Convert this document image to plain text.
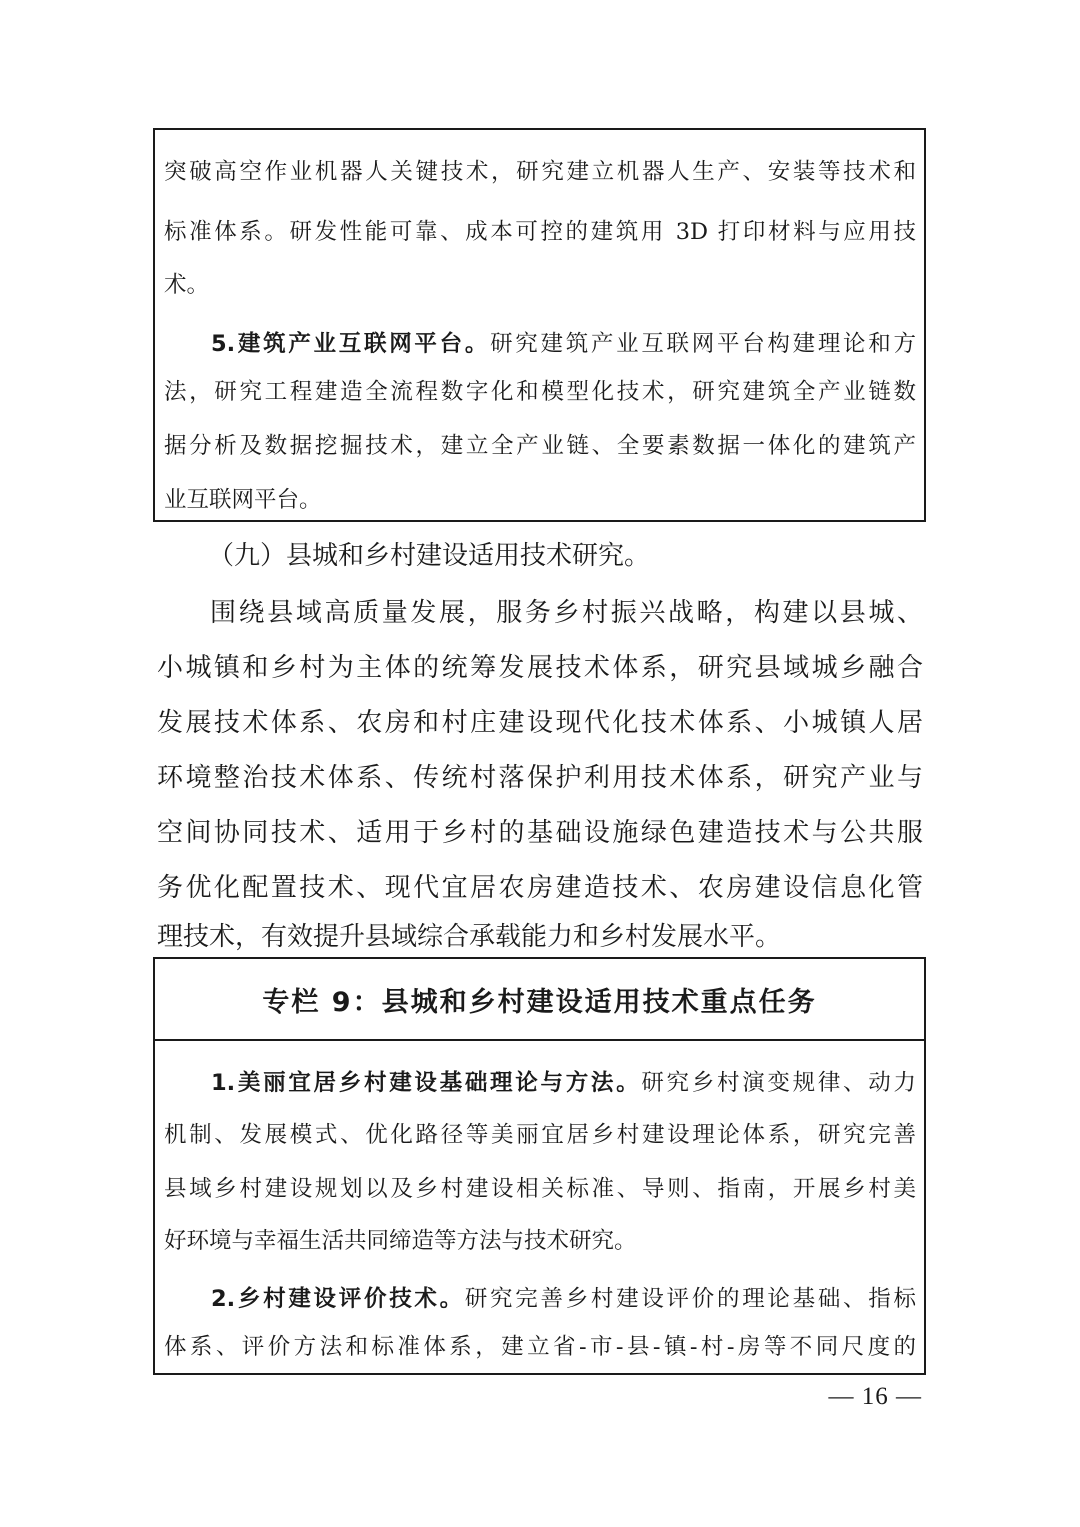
突破高空作业机器人关键技术，研究建立机器人生产、安装等技术和
标准体系。研发性能可靠、成本可控的建筑用 3D 打印材料与应用技
术。
5.建筑产业互联网平台。研究建筑产业互联网平台构建理论和方
法，研究工程建造全流程数字化和模型化技术，研究建筑全产业链数
据分析及数据挖掘技术，建立全产业链、全要素数据一体化的建筑产
业互联网平台。
（九）县城和乡村建设适用技术研究。
围绕县域高质量发展，服务乡村振兴战略，构建以县城、
小城镇和乡村为主体的统筹发展技术体系，研究县域城乡融合
发展技术体系、农房和村庄建设现代化技术体系、小城镇人居
环境整治技术体系、传统村落保护利用技术体系，研究产业与
空间协同技术、适用于乡村的基础设施绿色建造技术与公共服
务优化配置技术、现代宜居农房建造技术、农房建设信息化管
理技术，有效提升县域综合承载能力和乡村发展水平。
专栏 9：县城和乡村建设适用技术重点任务
1.美丽宜居乡村建设基础理论与方法。研究乡村演变规律、动力
机制、发展模式、优化路径等美丽宜居乡村建设理论体系，研究完善
县域乡村建设规划以及乡村建设相关标准、导则、指南，开展乡村美
好环境与幸福生活共同缔造等方法与技术研究。
2.乡村建设评价技术。研究完善乡村建设评价的理论基础、指标
体系、评价方法和标准体系，建立省-市-县-镇-村-房等不同尺度的
— 16 —
